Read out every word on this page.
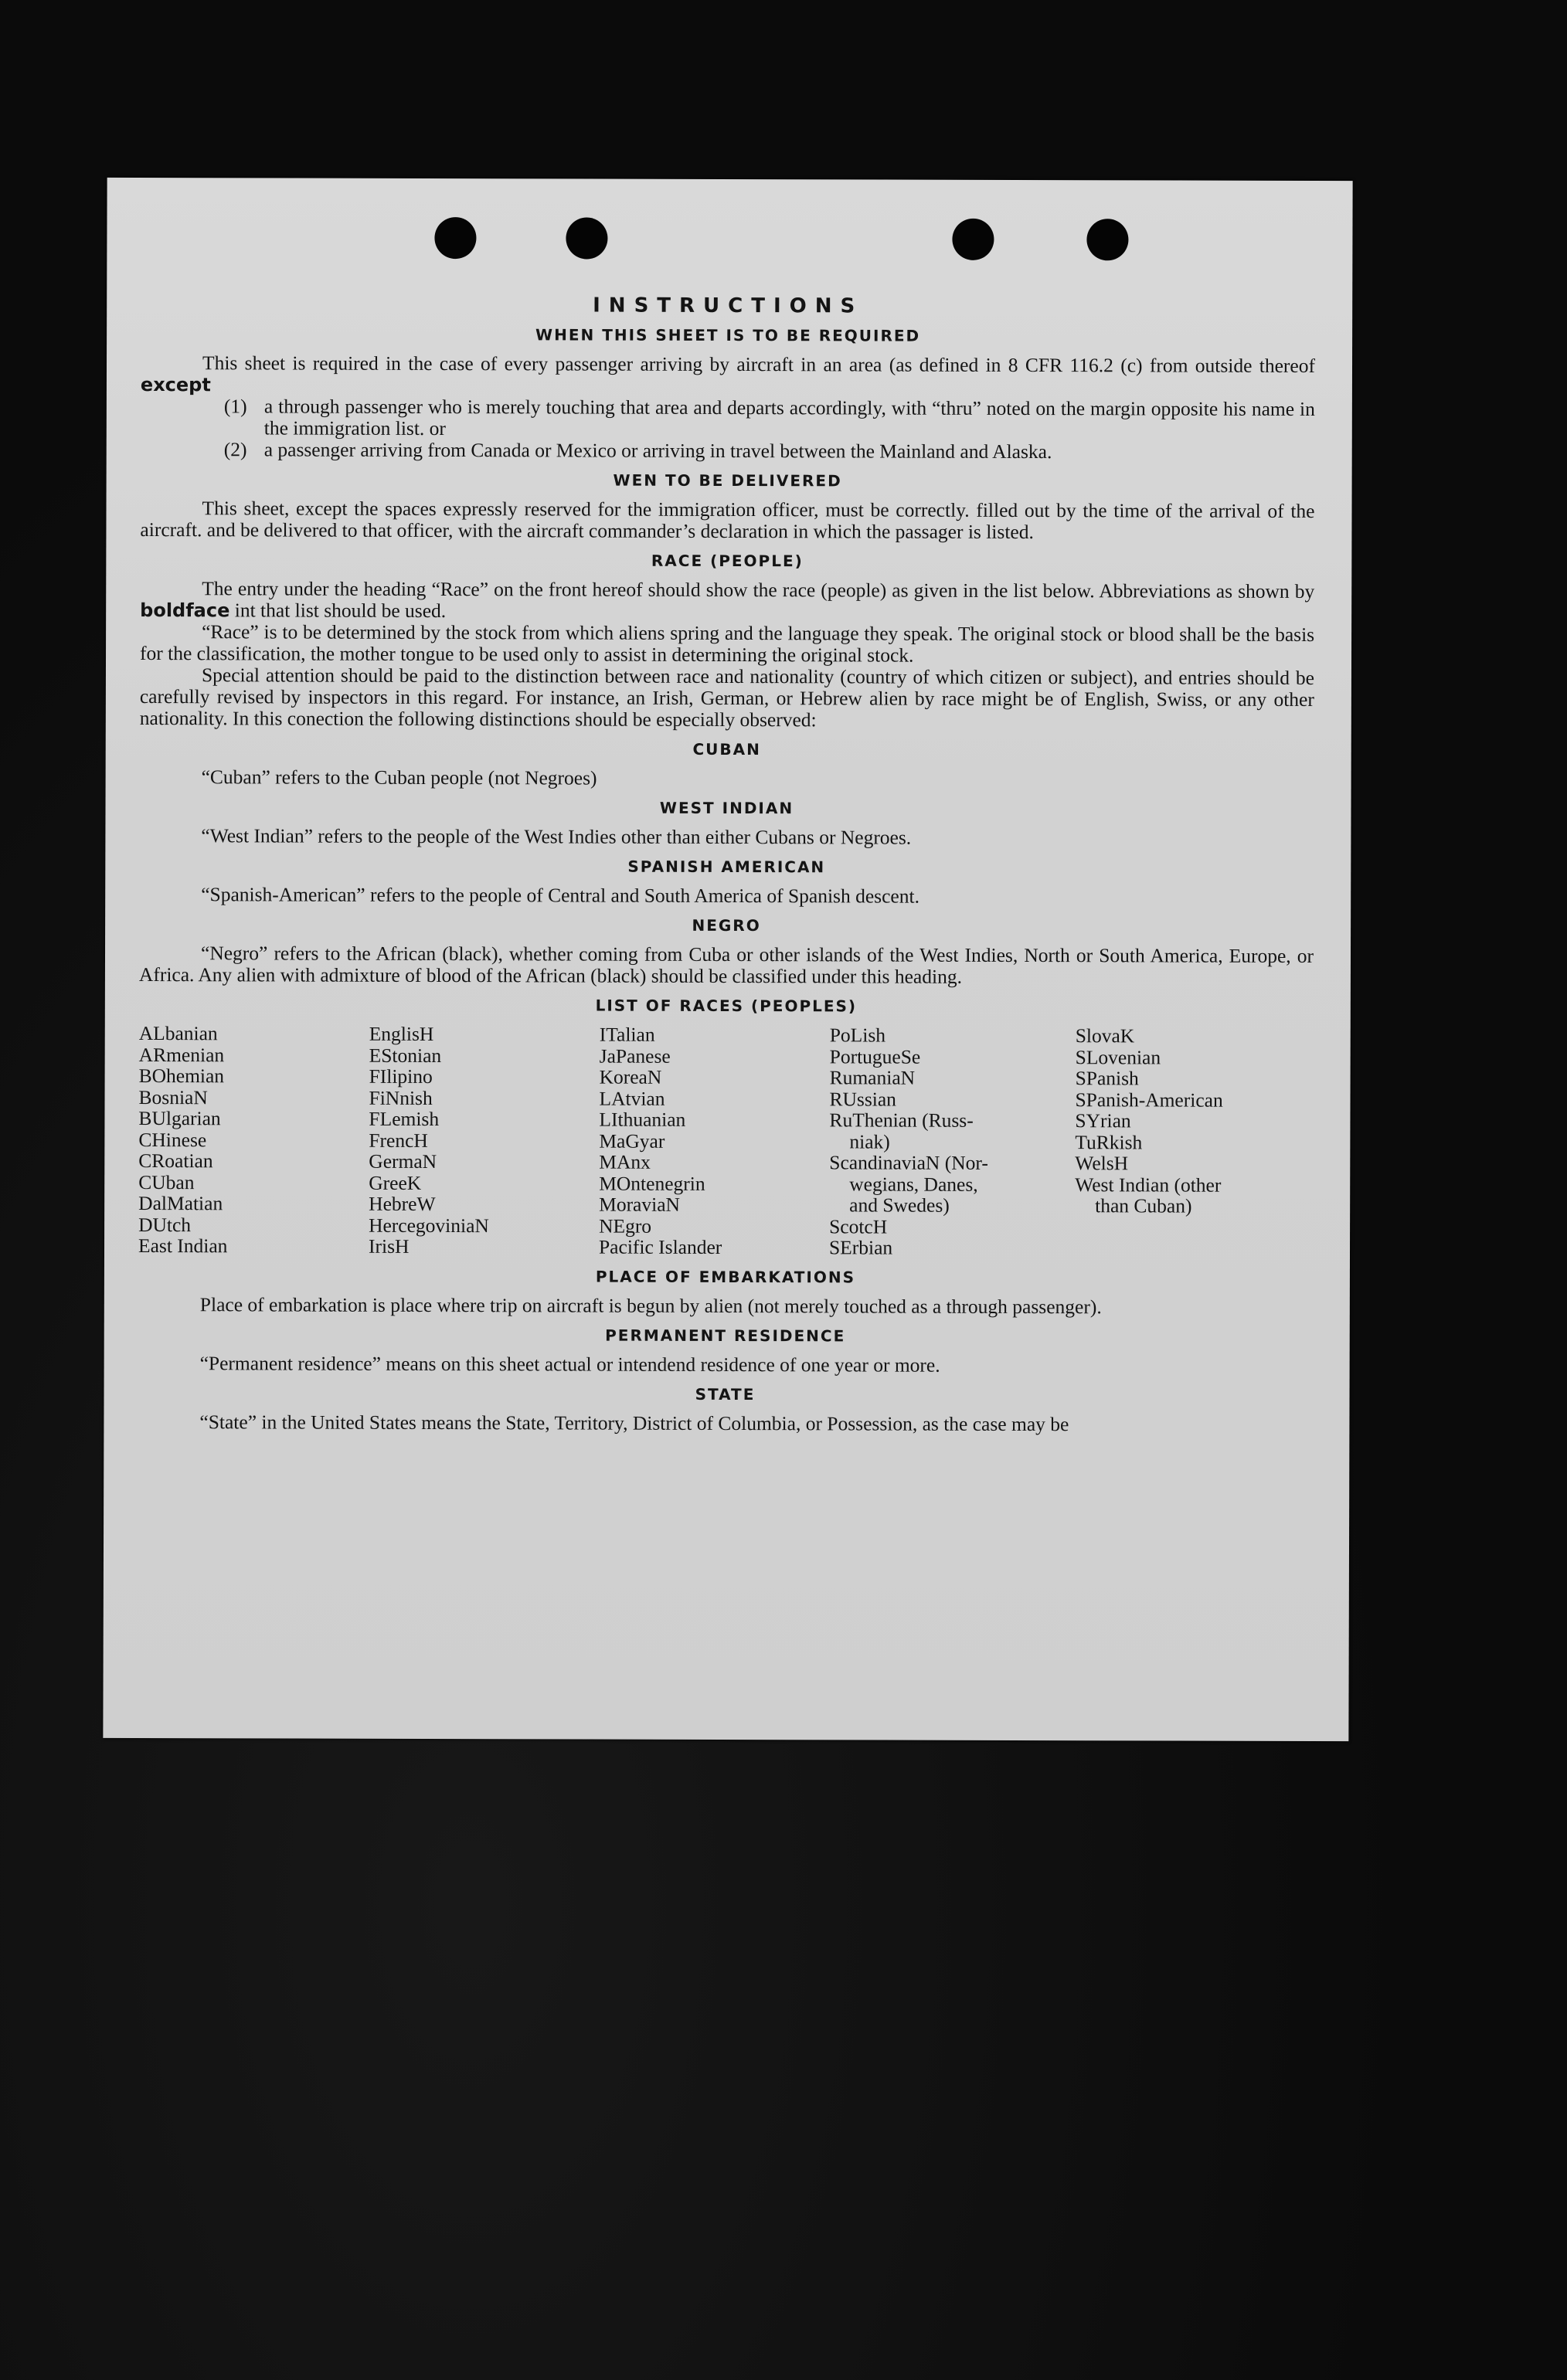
INSTRUCTIONS
WHEN THIS SHEET IS TO BE REQUIRED

This sheet is required in the case of every passenger arriving by aircraft in an area (as defined in 8 CFR 116.2 (c) from outside thereof except

(1) a through passenger who is merely touching that area and departs accordingly, with “thru” noted on the margin opposite his name in the immigration list. or
(2) a passenger arriving from Canada or Mexico or arriving in travel between the Mainland and Alaska.
WEN TO BE DELIVERED

This sheet, except the spaces expressly reserved for the immigration officer, must be correctly. filled out by the time of the arrival of the aircraft. and be delivered to that officer, with the aircraft commander’s declaration in which the passager is listed.

RACE (PEOPLE)

The entry under the heading “Race” on the front hereof should show the race (people) as given in the list below. Abbreviations as shown by boldface int that list should be used.

“Race” is to be determined by the stock from which aliens spring and the language they speak. The original stock or blood shall be the basis for the classification, the mother tongue to be used only to assist in determining the original stock.

Special attention should be paid to the distinction between race and nationality (country of which citizen or subject), and entries should be carefully revised by inspectors in this regard. For instance, an Irish, German, or Hebrew alien by race might be of English, Swiss, or any other nationality. In this conection the following distinctions should be especially observed:

CUBAN

“Cuban” refers to the Cuban people (not Negroes)

WEST INDIAN

“West Indian” refers to the people of the West Indies other than either Cubans or Negroes.

SPANISH AMERICAN

“Spanish-American” refers to the people of Central and South America of Spanish descent.

NEGRO

“Negro” refers to the African (black), whether coming from Cuba or other islands of the West Indies, North or South America, Europe, or Africa. Any alien with admixture of blood of the African (black) should be classified under this heading.

LIST OF RACES (PEOPLES)
ALbanian
ARmenian
BOhemian
BosniaN
BUlgarian
CHinese
CRoatian
CUban
DalMatian
DUtch
East Indian
EnglisH
EStonian
FIlipino
FiNnish
FLemish
FrencH
GermaN
GreeK
HebreW
HercegoviniaN
IrisH
ITalian
JaPanese
KoreaN
LAtvian
LIthuanian
MaGyar
MAnx
MOntenegrin
MoraviaN
NEgro
Pacific Islander
PoLish
PortugueSe
RumaniaN
RUssian
RuThenian (Russ-
niak)
ScandinaviaN (Nor-
wegians, Danes,
and Swedes)
ScotcH
SErbian
SlovaK
SLovenian
SPanish
SPanish-American
SYrian
TuRkish
WelsH
West Indian (other
than Cuban)
PLACE OF EMBARKATIONS

Place of embarkation is place where trip on aircraft is begun by alien (not merely touched as a through passenger).

PERMANENT RESIDENCE

“Permanent residence” means on this sheet actual or intendend residence of one year or more.

STATE

“State” in the United States means the State, Territory, District of Columbia, or Possession, as the case may be
